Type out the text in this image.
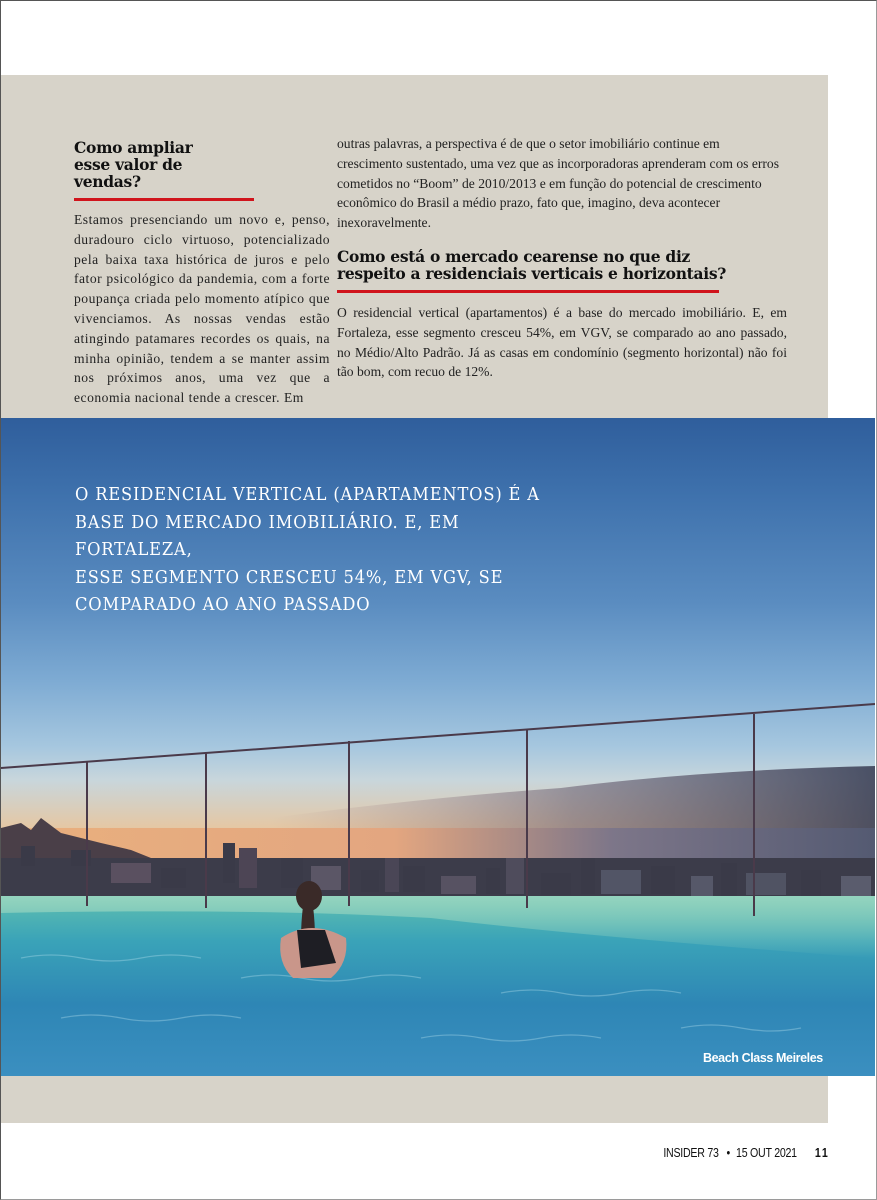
Como ampliar
esse valor de vendas?

Estamos presenciando um novo e, penso, duradouro ciclo virtuoso, potencializado pela baixa taxa histórica de juros e pelo fator psicológico da pandemia, com a forte poupança criada pelo momento atípico que vivenciamos. As nossas vendas estão atingindo patamares recordes os quais, na minha opinião, tendem a se manter assim nos próximos anos, uma vez que a economia nacional tende a crescer. Em

outras palavras, a perspectiva é de que o setor imobiliário continue em crescimento sustentado, uma vez que as incorporadoras aprenderam com os erros cometidos no “Boom” de 2010/2013 e em função do potencial de crescimento econômico do Brasil a médio prazo, fato que, imagino, deva acontecer inexoravelmente.

Como está o mercado cearense no que diz
respeito a residenciais verticais e horizontais?

O residencial vertical (apartamentos) é a base do mercado imobiliário. E, em Fortaleza, esse segmento cresceu 54%, em VGV, se comparado ao ano passado, no Médio/Alto Padrão. Já as casas em condomínio (segmento horizontal) não foi tão bom, com recuo de 12%.

O RESIDENCIAL VERTICAL (APARTAMENTOS) É A
BASE DO MERCADO IMOBILIÁRIO. E, EM FORTALEZA,
ESSE SEGMENTO CRESCEU 54%, EM VGV, SE
COMPARADO AO ANO PASSADO
Beach Class Meireles
INSIDER 73 • 15 OUT 2021 11
